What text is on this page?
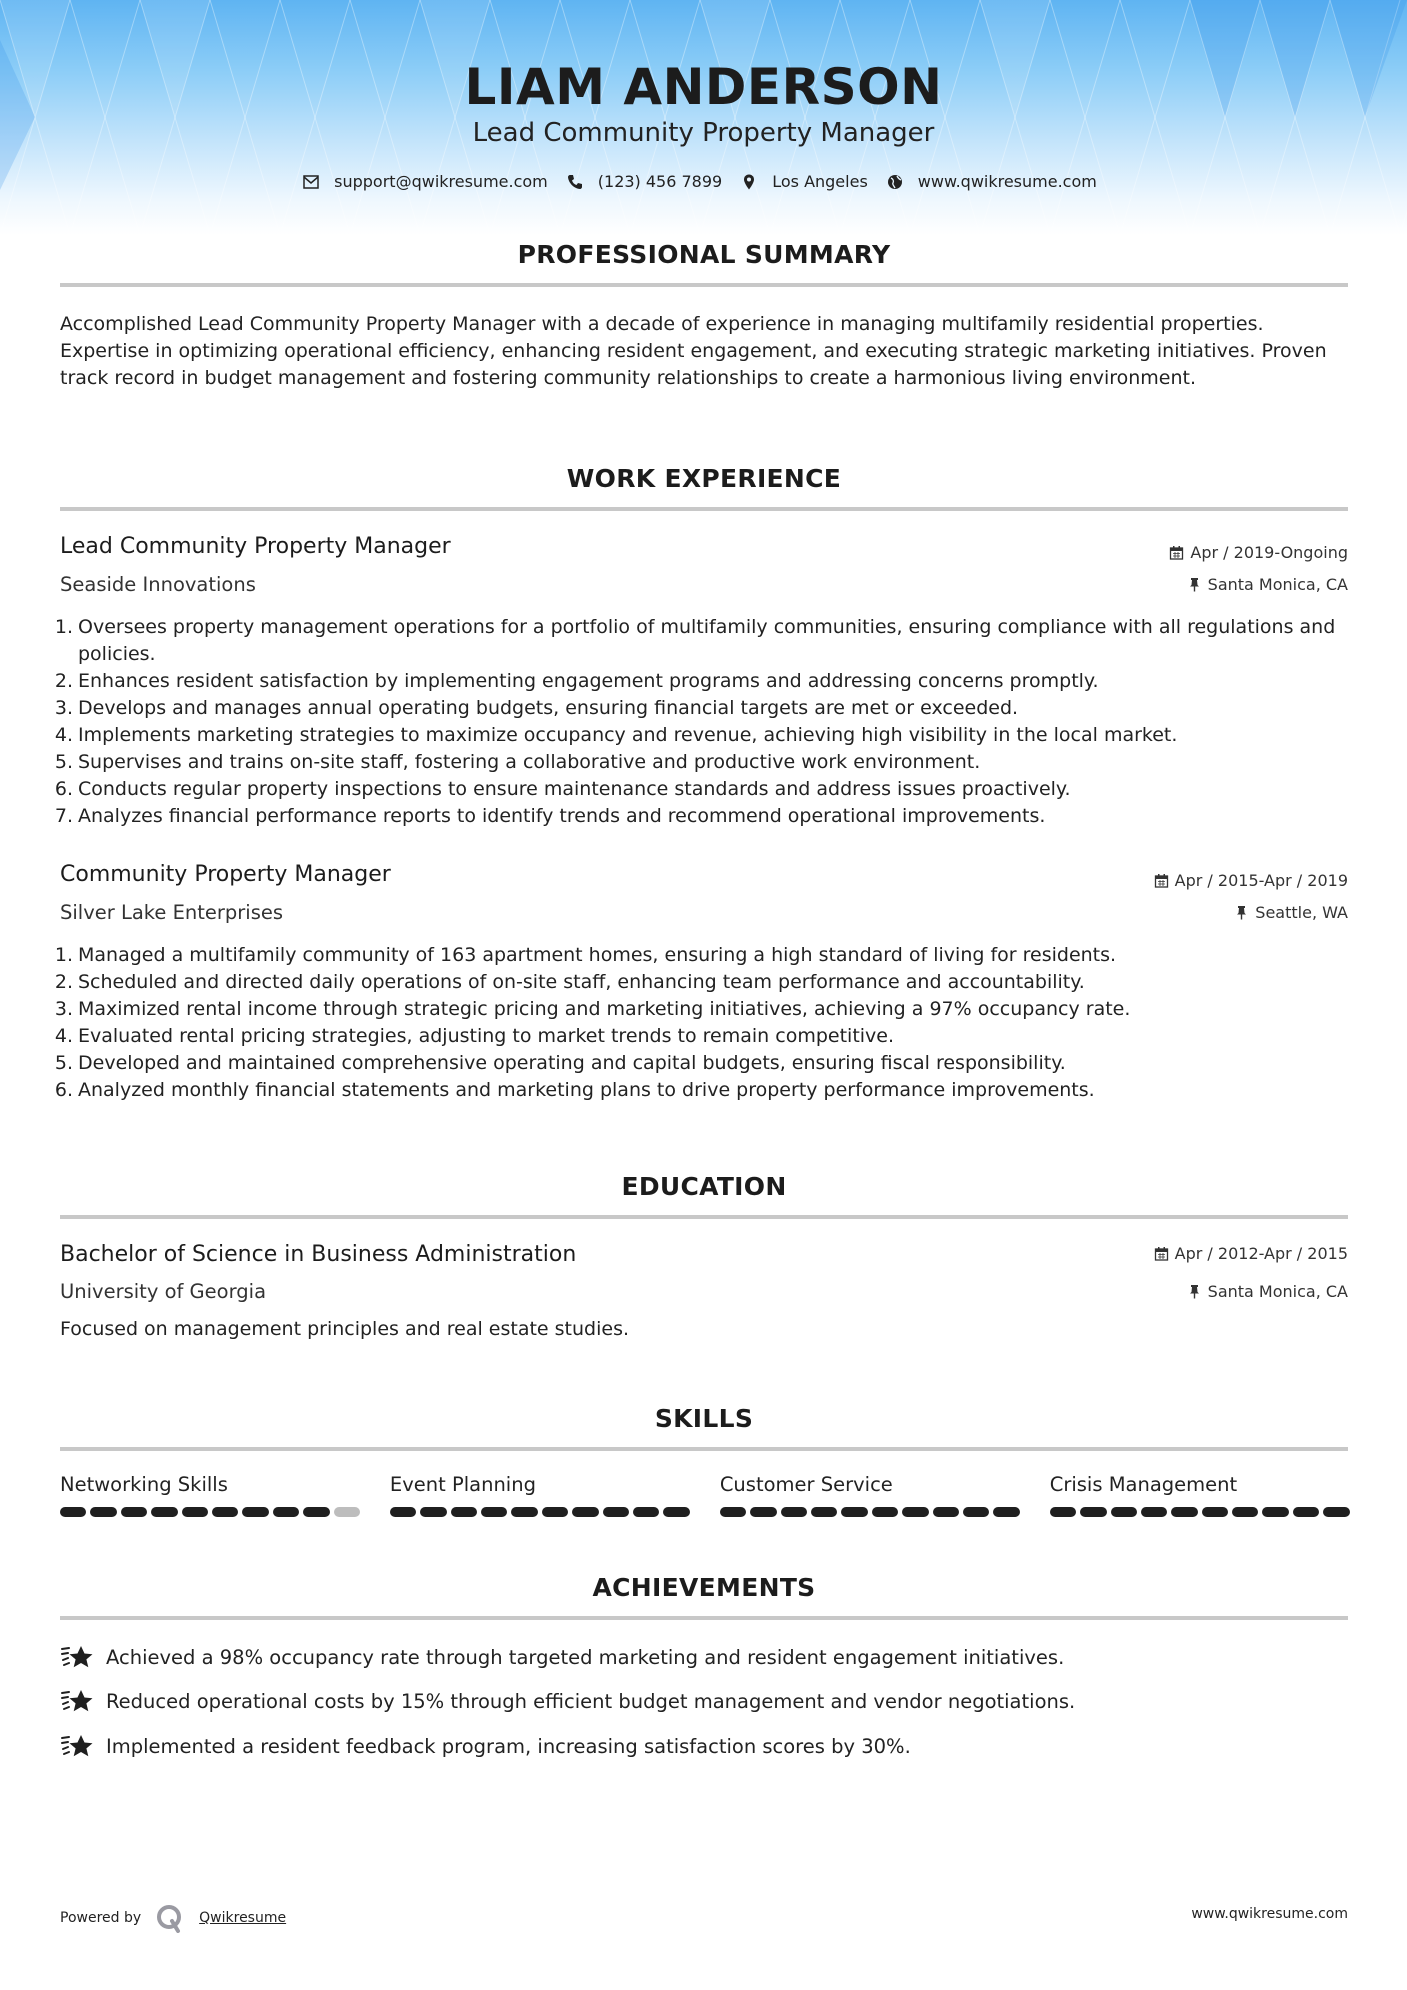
LIAM ANDERSON
Lead Community Property Manager
support@qwikresume.com	(123) 456 7899	Los Angeles	www.qwikresume.com
PROFESSIONAL SUMMARY
Accomplished Lead Community Property Manager with a decade of experience in managing multifamily residential properties. Expertise in optimizing operational efficiency, enhancing resident engagement, and executing strategic marketing initiatives. Proven track record in budget management and fostering community relationships to create a harmonious living environment.
WORK EXPERIENCE
Lead Community Property Manager	Apr / 2019-Ongoing
Seaside Innovations	Santa Monica, CA
1. Oversees property management operations for a portfolio of multifamily communities, ensuring compliance with all regulations and policies.
2. Enhances resident satisfaction by implementing engagement programs and addressing concerns promptly.
3. Develops and manages annual operating budgets, ensuring financial targets are met or exceeded.
4. Implements marketing strategies to maximize occupancy and revenue, achieving high visibility in the local market.
5. Supervises and trains on-site staff, fostering a collaborative and productive work environment.
6. Conducts regular property inspections to ensure maintenance standards and address issues proactively.
7. Analyzes financial performance reports to identify trends and recommend operational improvements.
Community Property Manager	Apr / 2015-Apr / 2019
Silver Lake Enterprises	Seattle, WA
1. Managed a multifamily community of 163 apartment homes, ensuring a high standard of living for residents.
2. Scheduled and directed daily operations of on-site staff, enhancing team performance and accountability.
3. Maximized rental income through strategic pricing and marketing initiatives, achieving a 97% occupancy rate.
4. Evaluated rental pricing strategies, adjusting to market trends to remain competitive.
5. Developed and maintained comprehensive operating and capital budgets, ensuring fiscal responsibility.
6. Analyzed monthly financial statements and marketing plans to drive property performance improvements.
EDUCATION
Bachelor of Science in Business Administration	Apr / 2012-Apr / 2015
University of Georgia	Santa Monica, CA
Focused on management principles and real estate studies.
SKILLS
Networking Skills	Event Planning	Customer Service	Crisis Management
ACHIEVEMENTS
Achieved a 98% occupancy rate through targeted marketing and resident engagement initiatives.
Reduced operational costs by 15% through efficient budget management and vendor negotiations.
Implemented a resident feedback program, increasing satisfaction scores by 30%.
Powered by	Qwikresume	www.qwikresume.com
